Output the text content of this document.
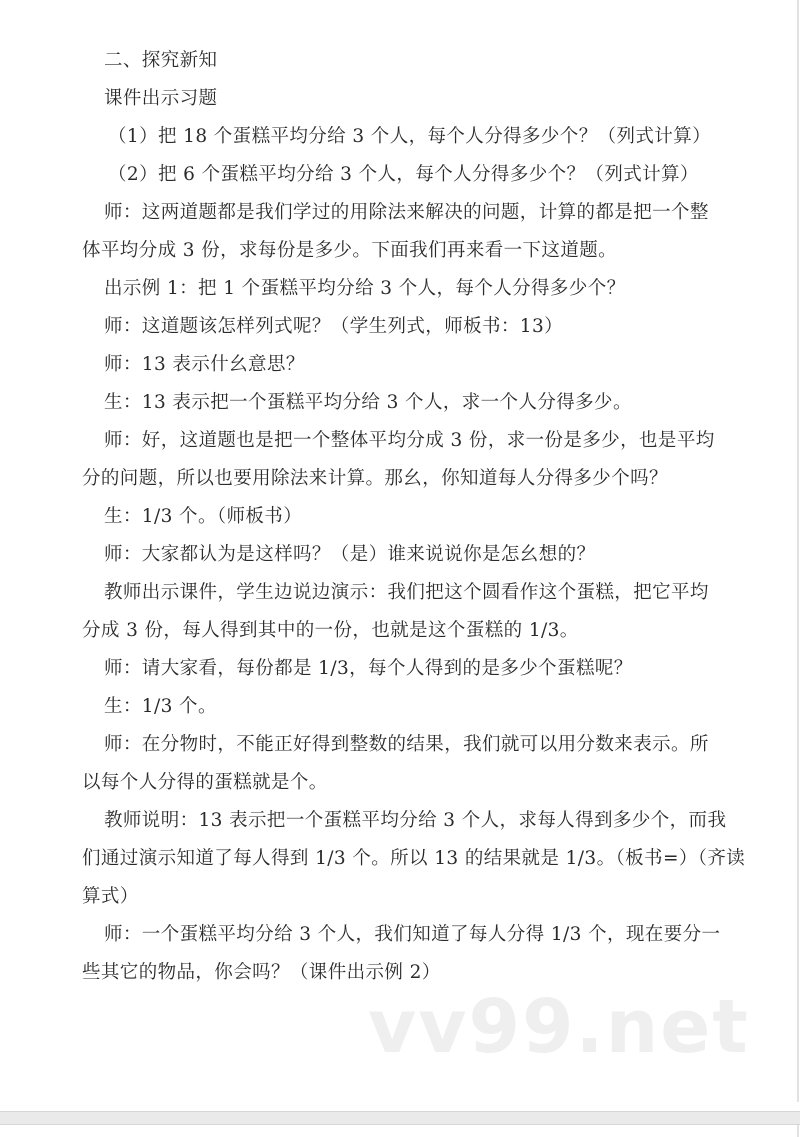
二、探究新知
课件出示习题
（1）把 18 个蛋糕平均分给 3 个人，每个人分得多少个？（列式计算）
（2）把 6 个蛋糕平均分给 3 个人，每个人分得多少个？（列式计算）
师：这两道题都是我们学过的用除法来解决的问题，计算的都是把一个整
体平均分成 3 份，求每份是多少。下面我们再来看一下这道题。
出示例 1：把 1 个蛋糕平均分给 3 个人，每个人分得多少个？
师：这道题该怎样列式呢？（学生列式，师板书：13）
师：13 表示什幺意思？
生：13 表示把一个蛋糕平均分给 3 个人，求一个人分得多少。
师：好，这道题也是把一个整体平均分成 3 份，求一份是多少，也是平均
分的问题，所以也要用除法来计算。那幺，你知道每人分得多少个吗？
生：1/3 个。（师板书）
师：大家都认为是这样吗？（是）谁来说说你是怎幺想的？
教师出示课件，学生边说边演示：我们把这个圆看作这个蛋糕，把它平均
分成 3 份，每人得到其中的一份，也就是这个蛋糕的 1/3。
师：请大家看，每份都是 1/3，每个人得到的是多少个蛋糕呢？
生：1/3 个。
师：在分物时，不能正好得到整数的结果，我们就可以用分数来表示。所
以每个人分得的蛋糕就是个。
教师说明：13 表示把一个蛋糕平均分给 3 个人，求每人得到多少个，而我
们通过演示知道了每人得到 1/3 个。所以 13 的结果就是 1/3。（板书=）（齐读
算式）
师：一个蛋糕平均分给 3 个人，我们知道了每人分得 1/3 个，现在要分一
些其它的物品，你会吗？（课件出示例 2）
vv99.net
